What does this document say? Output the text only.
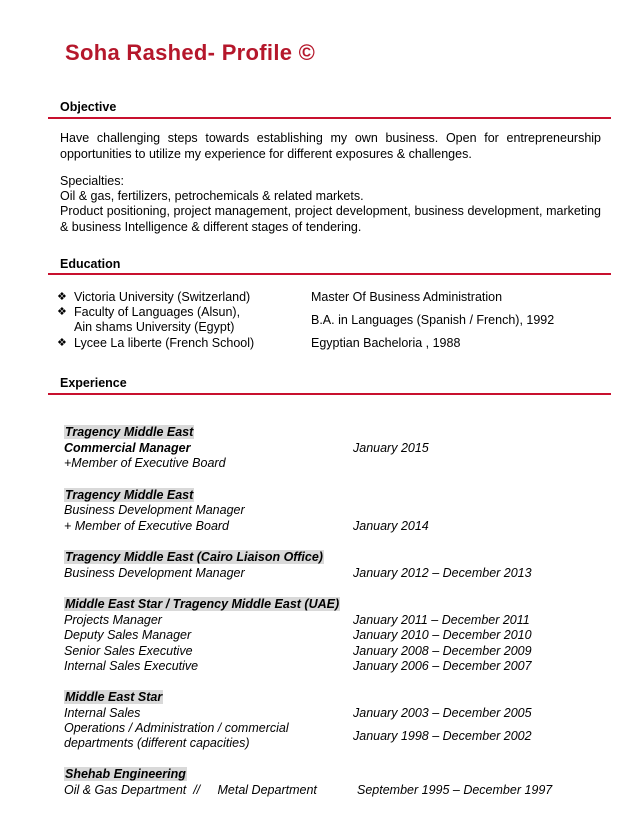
Soha Rashed- Profile ©
Objective
Have challenging steps towards establishing my own business. Open for entrepreneurship opportunities to utilize my experience for different exposures & challenges.
Specialties:
Oil & gas, fertilizers, petrochemicals & related markets.
Product positioning, project management, project development, business development, marketing & business Intelligence & different stages of tendering.
Education
❖ Victoria University (Switzerland)	Master Of Business Administration
❖ Faculty of Languages (Alsun),
Ain shams University (Egypt)	B.A. in Languages (Spanish / French), 1992
❖ Lycee La liberte (French School)	Egyptian Bacheloria , 1988
Experience
Tragency Middle East
Commercial Manager	January 2015
+Member of Executive Board
Tragency Middle East
Business Development Manager
+ Member of Executive Board	January 2014
Tragency Middle East (Cairo Liaison Office)
Business Development Manager	January 2012 – December 2013
Middle East Star / Tragency Middle East (UAE)
Projects Manager	January 2011 – December 2011
Deputy Sales Manager	January 2010 – December 2010
Senior Sales Executive	January 2008 – December 2009
Internal Sales Executive	January 2006 – December 2007
Middle East Star
Internal Sales	January 2003 – December 2005
Operations / Administration / commercial
departments (different capacities)	January 1998 – December 2002
Shehab Engineering
Oil & Gas Department  //     Metal Department	September 1995 – December 1997
